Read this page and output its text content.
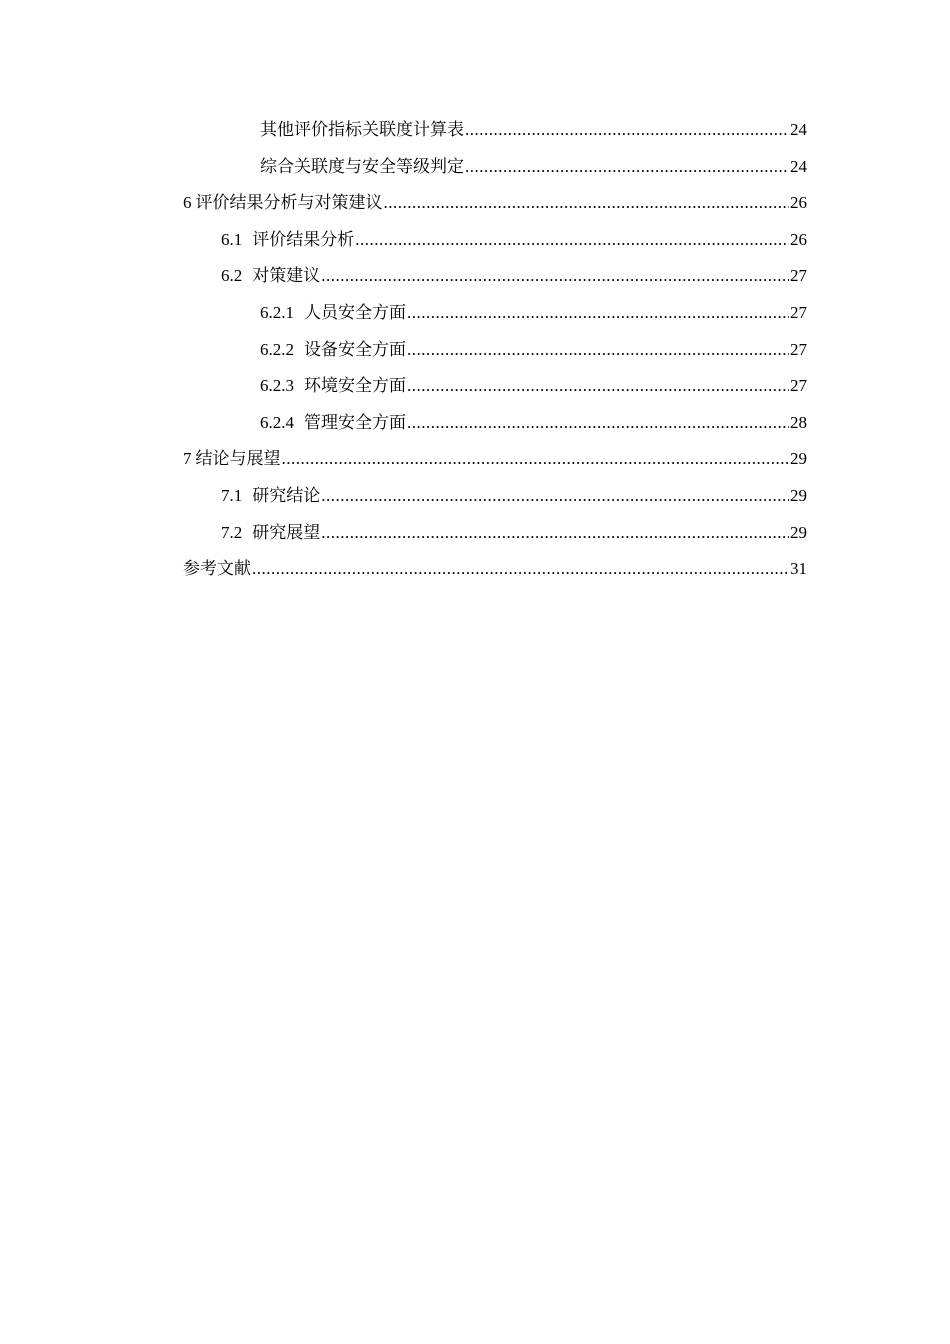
其他评价指标关联度计算表 .....	24
综合关联度与安全等级判定 .....	24
6 评价结果分析与对策建议 .....	26
6.1 评价结果分析 .....	26
6.2 对策建议 .....	27
6.2.1 人员安全方面 .....	27
6.2.2 设备安全方面 .....	27
6.2.3 环境安全方面 .....	27
6.2.4 管理安全方面 .....	28
7 结论与展望 .....	29
7.1 研究结论 .....	29
7.2 研究展望 .....	29
参考文献 .....	31
